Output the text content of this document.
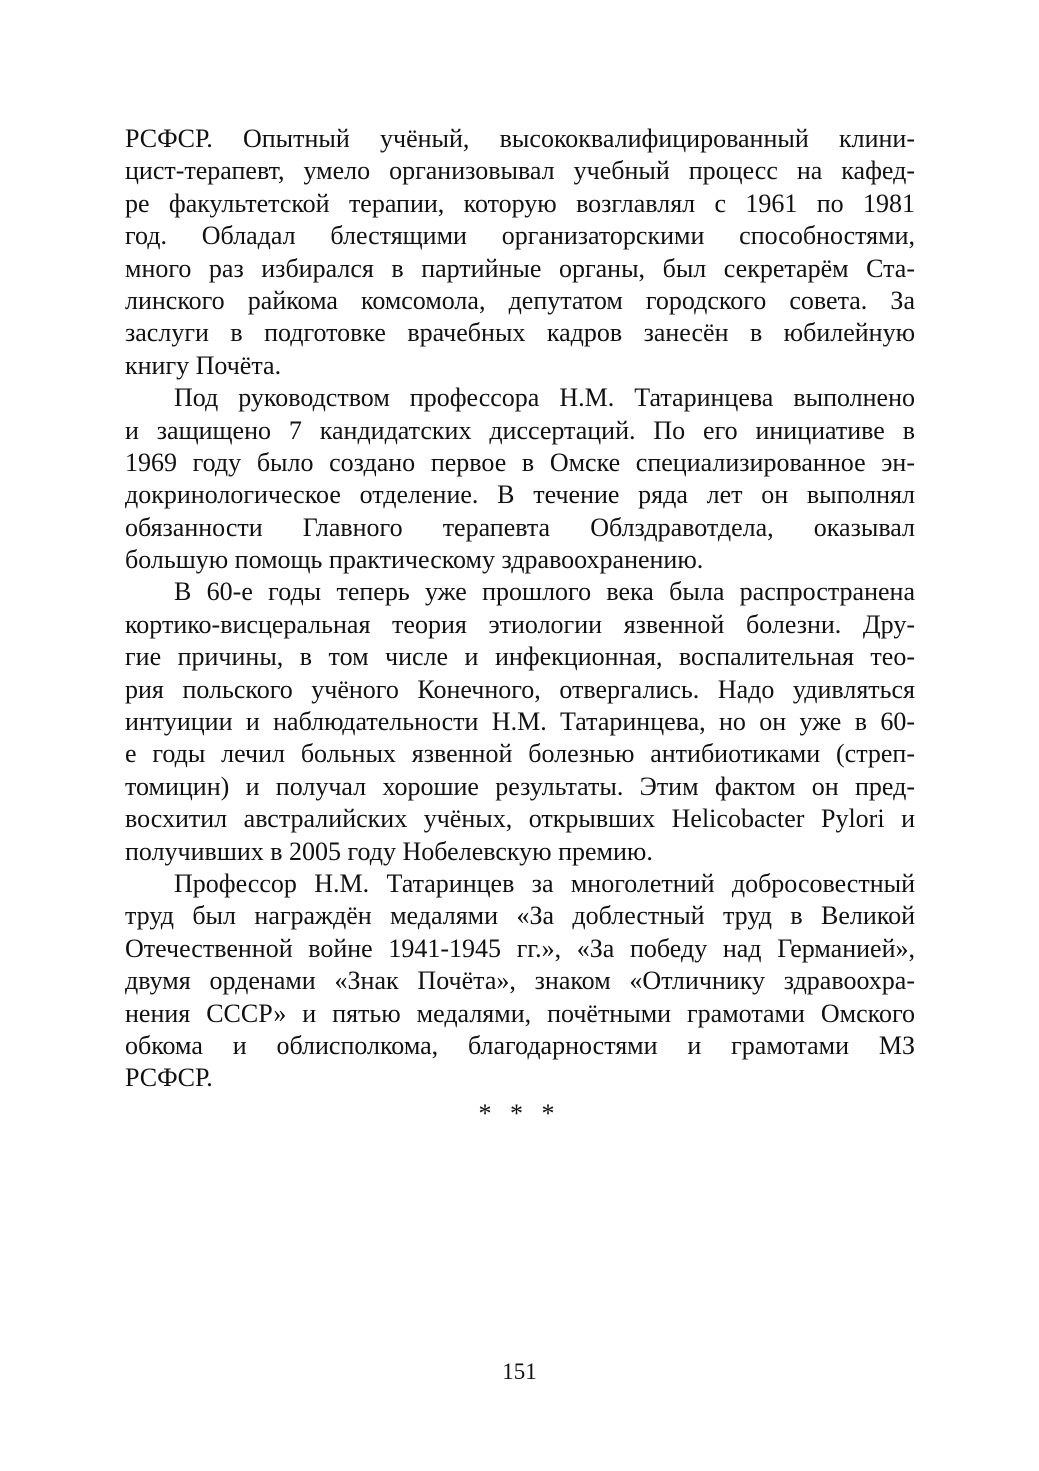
РСФСР. Опытный учёный, высококвалифицированный клини-
цист-терапевт, умело организовывал учебный процесс на кафед-
ре факультетской терапии, которую возглавлял с 1961 по 1981
год. Обладал блестящими организаторскими способностями,
много раз избирался в партийные органы, был секретарём Ста-
линского райкома комсомола, депутатом городского совета. За
заслуги в подготовке врачебных кадров занесён в юбилейную
книгу Почёта.
Под руководством профессора Н.М. Татаринцева выполнено
и защищено 7 кандидатских диссертаций. По его инициативе в
1969 году было создано первое в Омске специализированное эн-
докринологическое отделение. В течение ряда лет он выполнял
обязанности Главного терапевта Облздравотдела, оказывал
большую помощь практическому здравоохранению.
В 60-е годы теперь уже прошлого века была распространена
кортико-висцеральная теория этиологии язвенной болезни. Дру-
гие причины, в том числе и инфекционная, воспалительная тео-
рия польского учёного Конечного, отвергались. Надо удивляться
интуиции и наблюдательности Н.М. Татаринцева, но он уже в 60-
е годы лечил больных язвенной болезнью антибиотиками (стреп-
томицин) и получал хорошие результаты. Этим фактом он пред-
восхитил австралийских учёных, открывших Helicobacter Pylori и
получивших в 2005 году Нобелевскую премию.
Профессор Н.М. Татаринцев за многолетний добросовестный
труд был награждён медалями «За доблестный труд в Великой
Отечественной войне 1941-1945 гг.», «За победу над Германией»,
двумя орденами «Знак Почёта», знаком «Отличнику здравоохра-
нения СССР» и пятью медалями, почётными грамотами Омского
обкома и облисполкома, благодарностями и грамотами МЗ
РСФСР.
* * *
151
